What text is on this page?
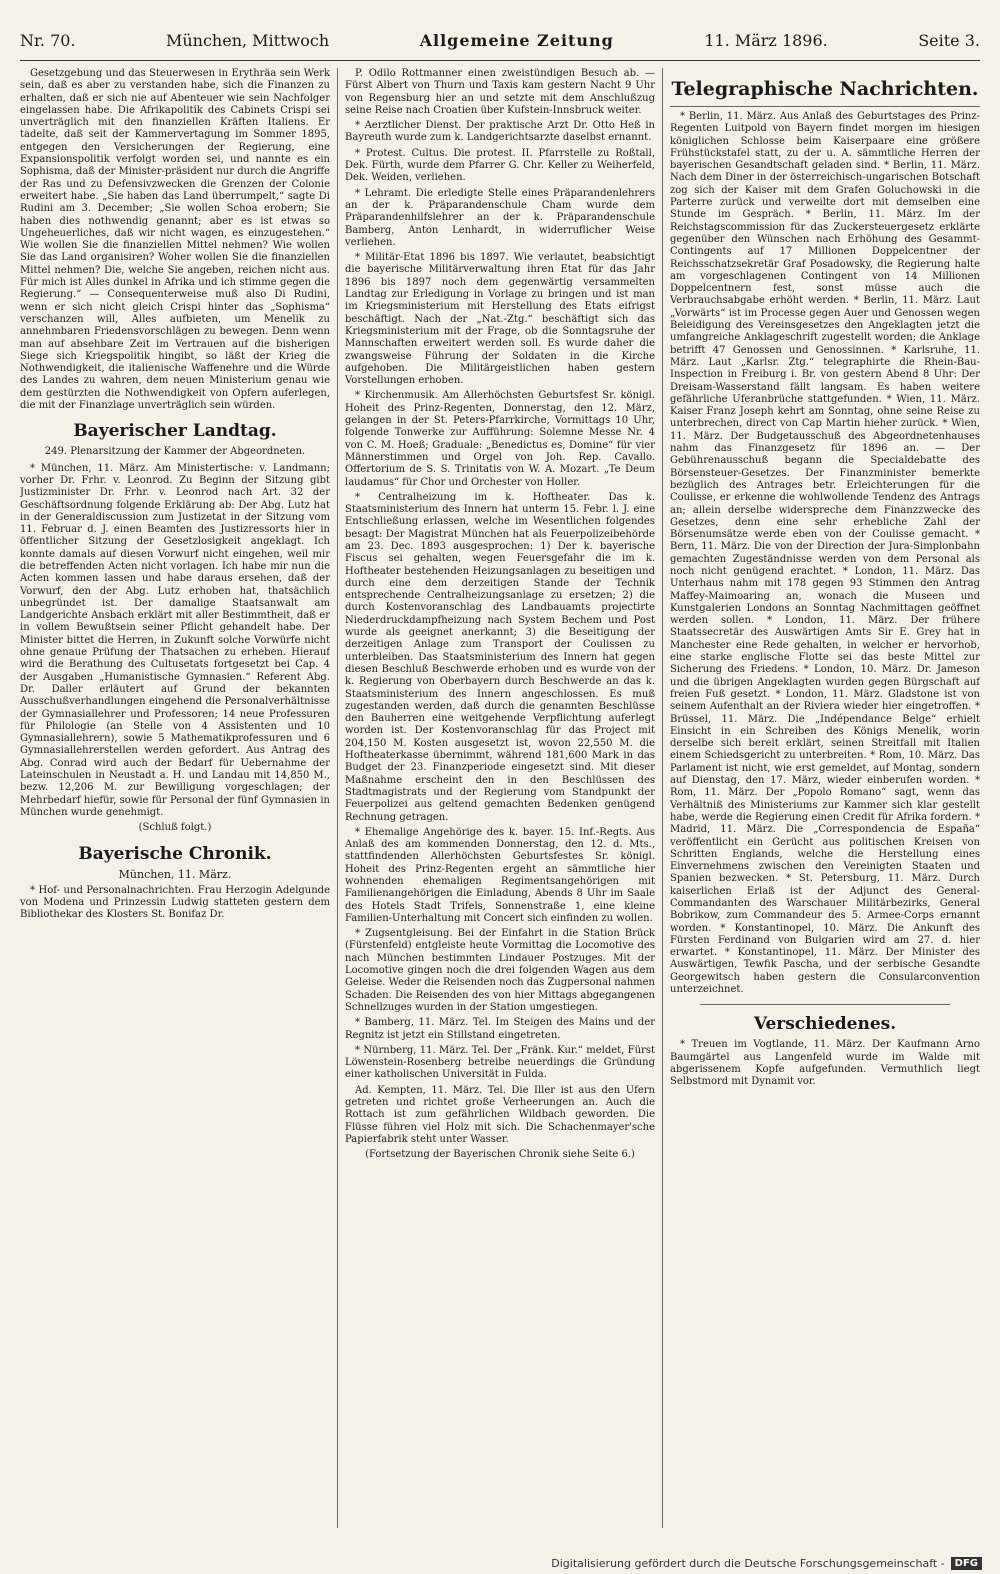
Nr. 70.	München, Mittwoch	Allgemeine Zeitung	11. März 1896.	Seite 3.

Gesetzgebung und das Steuerwesen in Erythräa sein Werk sein, daß es aber zu verstanden habe, sich die Finanzen zu erhalten, daß er sich nie auf Abenteuer wie sein Nachfolger eingelassen habe. Die Afrikapolitik des Cabinets Crispi sei unverträglich mit den finanziellen Kräften Italiens. Er tadelte, daß seit der Kammervertagung im Sommer 1895, entgegen den Versicherungen der Regierung, eine Expansionspolitik verfolgt worden sei, und nannte es ein Sophisma, daß der Minister-präsident nur durch die Angriffe der Ras und zu Defensivzwecken die Grenzen der Colonie erweitert habe. „Sie haben das Land überrumpelt,“ sagte Di Rudini am 3. December; „Sie wollen Schoa erobern; Sie haben dies nothwendig genannt; aber es ist etwas so Ungeheuerliches, daß wir nicht wagen, es einzugestehen.“ Wie wollen Sie die finanziellen Mittel nehmen? Wie wollen Sie das Land organisiren? Woher wollen Sie die finanziellen Mittel nehmen? Die, welche Sie angeben, reichen nicht aus. Für mich ist Alles dunkel in Afrika und ich stimme gegen die Regierung.“ — Consequenterweise muß also Di Rudini, wenn er sich nicht gleich Crispi hinter das „Sophisma“ verschanzen will, Alles aufbieten, um Menelik zu annehmbaren Friedensvorschlägen zu bewegen. Denn wenn man auf absehbare Zeit im Vertrauen auf die bisherigen Siege sich Kriegspolitik hingibt, so läßt der Krieg die Nothwendigkeit, die italienische Waffenehre und die Würde des Landes zu wahren, dem neuen Ministerium genau wie dem gestürzten die Nothwendigkeit von Opfern auferlegen, die mit der Finanzlage unverträglich sein würden.

Bayerischer Landtag.
249. Plenarsitzung der Kammer der Abgeordneten.

* München, 11. März. Am Ministertische: v. Landmann; vorher Dr. Frhr. v. Leonrod. Zu Beginn der Sitzung gibt Justizminister Dr. Frhr. v. Leonrod nach Art. 32 der Geschäftsordnung folgende Erklärung ab: Der Abg. Lutz hat in der Generaldiscussion zum Justizetat in der Sitzung vom 11. Februar d. J. einen Beamten des Justizressorts hier in öffentlicher Sitzung der Gesetzlosigkeit angeklagt. Ich konnte damals auf diesen Vorwurf nicht eingehen, weil mir die betreffenden Acten nicht vorlagen. Ich habe mir nun die Acten kommen lassen und habe daraus ersehen, daß der Vorwurf, den der Abg. Lutz erhoben hat, thatsächlich unbegründet ist. Der damalige Staatsanwalt am Landgerichte Ansbach erklärt mit aller Bestimmtheit, daß er in vollem Bewußtsein seiner Pflicht gehandelt habe. Der Minister bittet die Herren, in Zukunft solche Vorwürfe nicht ohne genaue Prüfung der Thatsachen zu erheben. Hierauf wird die Berathung des Cultusetats fortgesetzt bei Cap. 4 der Ausgaben „Humanistische Gymnasien.“ Referent Abg. Dr. Daller erläutert auf Grund der bekannten Ausschußverhandlungen eingehend die Personalverhältnisse der Gymnasiallehrer und Professoren; 14 neue Professuren für Philologie (an Stelle von 4 Assistenten und 10 Gymnasiallehrern), sowie 5 Mathematikprofessuren und 6 Gymnasiallehrerstellen werden gefordert. Aus Antrag des Abg. Conrad wird auch der Bedarf für Uebernahme der Lateinschulen in Neustadt a. H. und Landau mit 14,850 M., bezw. 12,206 M. zur Bewilligung vorgeschlagen; der Mehrbedarf hiefür, sowie für Personal der fünf Gymnasien in München wurde genehmigt.

(Schluß folgt.)
Bayerische Chronik.
München, 11. März.

* Hof- und Personalnachrichten. Frau Herzogin Adelgunde von Modena und Prinzessin Ludwig statteten gestern dem Bibliothekar des Klosters St. Bonifaz Dr.

P. Odilo Rottmanner einen zweistündigen Besuch ab. — Fürst Albert von Thurn und Taxis kam gestern Nacht 9 Uhr von Regensburg hier an und setzte mit dem Anschlußzug seine Reise nach Croatien über Kufstein-Innsbruck weiter.

* Aerztlicher Dienst. Der praktische Arzt Dr. Otto Heß in Bayreuth wurde zum k. Landgerichtsarzte daselbst ernannt.

* Protest. Cultus. Die protest. II. Pfarrstelle zu Roßtall, Dek. Fürth, wurde dem Pfarrer G. Chr. Keller zu Weiherfeld, Dek. Weiden, verliehen.

* Lehramt. Die erledigte Stelle eines Präparandenlehrers an der k. Präparandenschule Cham wurde dem Präparandenhilfslehrer an der k. Präparandenschule Bamberg, Anton Lenhardt, in widerruflicher Weise verliehen.

* Militär-Etat 1896 bis 1897. Wie verlautet, beabsichtigt die bayerische Militärverwaltung ihren Etat für das Jahr 1896 bis 1897 noch dem gegenwärtig versammelten Landtag zur Erledigung in Vorlage zu bringen und ist man im Kriegsministerium mit Herstellung des Etats eifrigst beschäftigt. Nach der „Nat.-Ztg.“ beschäftigt sich das Kriegsministerium mit der Frage, ob die Sonntagsruhe der Mannschaften erweitert werden soll. Es wurde daher die zwangsweise Führung der Soldaten in die Kirche aufgehoben. Die Militärgeistlichen haben gestern Vorstellungen erhoben.

* Kirchenmusik. Am Allerhöchsten Geburtsfest Sr. königl. Hoheit des Prinz-Regenten, Donnerstag, den 12. März, gelangen in der St. Peters-Pfarrkirche, Vormittags 10 Uhr, folgende Tonwerke zur Aufführung: Solemne Messe Nr. 4 von C. M. Hoeß; Graduale: „Benedictus es, Domine“ für vier Männerstimmen und Orgel von Joh. Rep. Cavallo. Offertorium de S. S. Trinitatis von W. A. Mozart. „Te Deum laudamus“ für Chor und Orchester von Holler.

* Centralheizung im k. Hoftheater. Das k. Staatsministerium des Innern hat unterm 15. Febr. l. J. eine Entschließung erlassen, welche im Wesentlichen folgendes besagt: Der Magistrat München hat als Feuerpolizeibehörde am 23. Dec. 1893 ausgesprochen: 1) Der k. bayerische Fiscus sei gehalten, wegen Feuersgefahr die im k. Hoftheater bestehenden Heizungsanlagen zu beseitigen und durch eine dem derzeitigen Stande der Technik entsprechende Centralheizungsanlage zu ersetzen; 2) die durch Kostenvoranschlag des Landbauamts projectirte Niederdruckdampfheizung nach System Bechem und Post wurde als geeignet anerkannt; 3) die Beseitigung der derzeitigen Anlage zum Transport der Coulissen zu unterbleiben. Das Staatsministerium des Innern hat gegen diesen Beschluß Beschwerde erhoben und es wurde von der k. Regierung von Oberbayern durch Beschwerde an das k. Staatsministerium des Innern angeschlossen. Es muß zugestanden werden, daß durch die genannten Beschlüsse den Bauherren eine weitgehende Verpflichtung auferlegt worden ist. Der Kostenvoranschlag für das Project mit 204,150 M. Kosten ausgesetzt ist, wovon 22,550 M. die Hoftheaterkasse übernimmt, während 181,600 Mark in das Budget der 23. Finanzperiode eingesetzt sind. Mit dieser Maßnahme erscheint den in den Beschlüssen des Stadtmagistrats und der Regierung vom Standpunkt der Feuerpolizei aus geltend gemachten Bedenken genügend Rechnung getragen.

* Ehemalige Angehörige des k. bayer. 15. Inf.-Regts. Aus Anlaß des am kommenden Donnerstag, den 12. d. Mts., stattfindenden Allerhöchsten Geburtsfestes Sr. königl. Hoheit des Prinz-Regenten ergeht an sämmtliche hier wohnenden ehemaligen Regimentsangehörigen mit Familienangehörigen die Einladung, Abends 8 Uhr im Saale des Hotels Stadt Trifels, Sonnenstraße 1, eine kleine Familien-Unterhaltung mit Concert sich einfinden zu wollen.

* Zugsentgleisung. Bei der Einfahrt in die Station Brück (Fürstenfeld) entgleiste heute Vormittag die Locomotive des nach München bestimmten Lindauer Postzuges. Mit der Locomotive gingen noch die drei folgenden Wagen aus dem Geleise. Weder die Reisenden noch das Zugpersonal nahmen Schaden. Die Reisenden des von hier Mittags abgegangenen Schnellzuges wurden in der Station umgestiegen.

* Bamberg, 11. März. Tel. Im Steigen des Mains und der Regnitz ist jetzt ein Stillstand eingetreten.

* Nürnberg, 11. März. Tel. Der „Fränk. Kur.“ meldet, Fürst Löwenstein-Rosenberg betreibe neuerdings die Gründung einer katholischen Universität in Fulda.

Ad. Kempten, 11. März. Tel. Die Iller ist aus den Ufern getreten und richtet große Verheerungen an. Auch die Rottach ist zum gefährlichen Wildbach geworden. Die Flüsse führen viel Holz mit sich. Die Schachenmayer'sche Papierfabrik steht unter Wasser.

(Fortsetzung der Bayerischen Chronik siehe Seite 6.)
Telegraphische Nachrichten.

* Berlin, 11. März. Aus Anlaß des Geburtstages des Prinz-Regenten Luitpold von Bayern findet morgen im hiesigen königlichen Schlosse beim Kaiserpaare eine größere Frühstückstafel statt, zu der u. A. sämmtliche Herren der bayerischen Gesandtschaft geladen sind. * Berlin, 11. März. Nach dem Diner in der österreichisch-ungarischen Botschaft zog sich der Kaiser mit dem Grafen Goluchowski in die Parterre zurück und verweilte dort mit demselben eine Stunde im Gespräch. * Berlin, 11. März. Im der Reichstagscommission für das Zuckersteuergesetz erklärte gegenüber den Wünschen nach Erhöhung des Gesammt-Contingents auf 17 Millionen Doppelcentner der Reichsschatzsekretär Graf Posadowsky, die Regierung halte am vorgeschlagenen Contingent von 14 Millionen Doppelcentnern fest, sonst müsse auch die Verbrauchsabgabe erhöht werden. * Berlin, 11. März. Laut „Vorwärts“ ist im Processe gegen Auer und Genossen wegen Beleidigung des Vereinsgesetzes den Angeklagten jetzt die umfangreiche Anklageschrift zugestellt worden; die Anklage betrifft 47 Genossen und Genossinnen. * Karlsruhe, 11. März. Laut „Karlsr. Ztg.“ telegraphirte die Rhein-Bau-Inspection in Freiburg i. Br. von gestern Abend 8 Uhr: Der Dreisam-Wasserstand fällt langsam. Es haben weitere gefährliche Uferanbrüche stattgefunden. * Wien, 11. März. Kaiser Franz Joseph kehrt am Sonntag, ohne seine Reise zu unterbrechen, direct von Cap Martin hieher zurück. * Wien, 11. März. Der Budgetausschuß des Abgeordnetenhauses nahm das Finanzgesetz für 1896 an. — Der Gebührenausschuß begann die Specialdebatte des Börsensteuer-Gesetzes. Der Finanzminister bemerkte bezüglich des Antrages betr. Erleichterungen für die Coulisse, er erkenne die wohlwollende Tendenz des Antrags an; allein derselbe widerspreche dem Finanzzwecke des Gesetzes, denn eine sehr erhebliche Zahl der Börsenumsätze werde eben von der Coulisse gemacht. * Bern, 11. März. Die von der Direction der Jura-Simplonbahn gemachten Zugeständnisse werden von dem Personal als noch nicht genügend erachtet. * London, 11. März. Das Unterhaus nahm mit 178 gegen 93 Stimmen den Antrag Maffey-Maimoaring an, wonach die Museen und Kunstgalerien Londons an Sonntag Nachmittagen geöffnet werden sollen. * London, 11. März. Der frühere Staatssecretär des Auswärtigen Amts Sir E. Grey hat in Manchester eine Rede gehalten, in welcher er hervorhob, eine starke englische Flotte sei das beste Mittel zur Sicherung des Friedens. * London, 10. März. Dr. Jameson und die übrigen Angeklagten wurden gegen Bürgschaft auf freien Fuß gesetzt. * London, 11. März. Gladstone ist von seinem Aufenthalt an der Riviera wieder hier eingetroffen. * Brüssel, 11. März. Die „Indépendance Belge“ erhielt Einsicht in ein Schreiben des Königs Menelik, worin derselbe sich bereit erklärt, seinen Streitfall mit Italien einem Schiedsgericht zu unterbreiten. * Rom, 10. März. Das Parlament ist nicht, wie erst gemeldet, auf Montag, sondern auf Dienstag, den 17. März, wieder einberufen worden. * Rom, 11. März. Der „Popolo Romano“ sagt, wenn das Verhältniß des Ministeriums zur Kammer sich klar gestellt habe, werde die Regierung einen Credit für Afrika fordern. * Madrid, 11. März. Die „Correspondencia de España“ veröffentlicht ein Gerücht aus politischen Kreisen von Schritten Englands, welche die Herstellung eines Einvernehmens zwischen den Vereinigten Staaten und Spanien bezwecken. * St. Petersburg, 11. März. Durch kaiserlichen Erlaß ist der Adjunct des General-Commandanten des Warschauer Militärbezirks, General Bobrikow, zum Commandeur des 5. Armee-Corps ernannt worden. * Konstantinopel, 10. März. Die Ankunft des Fürsten Ferdinand von Bulgarien wird am 27. d. hier erwartet. * Konstantinopel, 11. März. Der Minister des Auswärtigen, Tewfik Pascha, und der serbische Gesandte Georgewitsch haben gestern die Consularconvention unterzeichnet.

Verschiedenes.

* Treuen im Vogtlande, 11. März. Der Kaufmann Arno Baumgärtel aus Langenfeld wurde im Walde mit abgerissenem Kopfe aufgefunden. Vermuthlich liegt Selbstmord mit Dynamit vor.

Digitalisierung gefördert durch die Deutsche Forschungsgemeinschaft -	DFG
